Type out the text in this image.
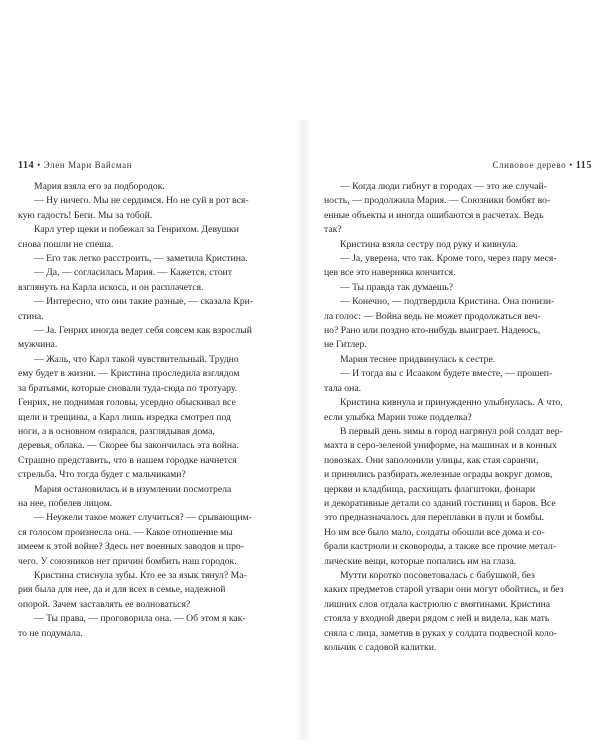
114 • Элен Мари Вайсман

Мария взяла его за подбородок.

— Ну ничего. Мы не сердимся. Но не суй в рот вся-
кую гадость! Беги. Мы за тобой.

Карл утер щеки и побежал за Генрихом. Девушки
снова пошли не спеша.

— Его так легко расстроить, — заметила Кристина.

— Да, — согласилась Мария. — Кажется, стоит
взглянуть на Карла искоса, и он расплачется.

— Интересно, что они такие разные, — сказала Кри-
стина.

— Ja. Генрих иногда ведет себя совсем как взрослый
мужчина.

— Жаль, что Карл такой чувствительный. Трудно
ему будет в жизни. — Кристина проследила взглядом
за братьями, которые сновали туда-сюда по тротуару.
Генрих, не поднимая головы, усердно обыскивал все
щели и трещины, а Карл лишь изредка смотрел под
ноги, а в основном озирался, разглядывая дома,
деревья, облака. — Скорее бы закончилась эта война.
Страшно представить, что в нашем городке начнется
стрельба. Что тогда будет с мальчиками?

Мария остановилась и в изумлении посмотрела
на нее, побелев лицом.

— Неужели такое может случиться? — срывающим-
ся голосом произнесла она. — Какое отношение мы
имеем к этой войне? Здесь нет военных заводов и про-
чего. У союзников нет причин бомбить наш городок.

Кристина стиснула зубы. Кто ее за язык тянул? Ма-
рия была для нее, да и для всех в семье, надежной
опорой. Зачем заставлять ее волноваться?

— Ты права, — проговорила она. — Об этом я как-
то не подумала.

Сливовое дерево • 115

— Когда люди гибнут в городах — это же случай-
ность, — продолжила Мария. — Союзники бомбят во-
енные объекты и иногда ошибаются в расчетах. Ведь
так?

Кристина взяла сестру под руку и кивнула.

— Ja, уверена, что так. Кроме того, через пару меся-
цев все это наверняка кончится.

— Ты правда так думаешь?

— Конечно, — подтвердила Кристина. Она понизи-
ла голос: — Война ведь не может продолжаться веч-
но? Рано или поздно кто-нибудь выиграет. Надеюсь,
не Гитлер.

Мария теснее придвинулась к сестре.

— И тогда вы с Исааком будете вместе, — прошеп-
тала она.

Кристина кивнула и принужденно улыбнулась. А что,
если улыбка Марии тоже подделка?

В первый день зимы в город нагрянул рой солдат вер-
махта в серо-зеленой униформе, на машинах и в конных
повозках. Они заполонили улицы, как стая саранчи,
и принялись разбирать железные ограды вокруг домов,
церкви и кладбища, расхищать флагштоки, фонари
и декоративные детали со зданий гостиниц и баров. Все
это предназначалось для переплавки в пули и бомбы.
Но им все было мало, солдаты обошли все дома и со-
брали кастрюли и сковороды, а также все прочие метал-
лические вещи, которые попались им на глаза.

Мутти коротко посоветовалась с бабушкой, без
каких предметов старой утвари они могут обойтись, и без
лишних слов отдала кастрюлю с вмятинами. Кристина
стояла у входной двери рядом с ней и видела, как мать
сняла с лица, заметив в руках у солдата подвесной коло-
кольчик с садовой калитки.
